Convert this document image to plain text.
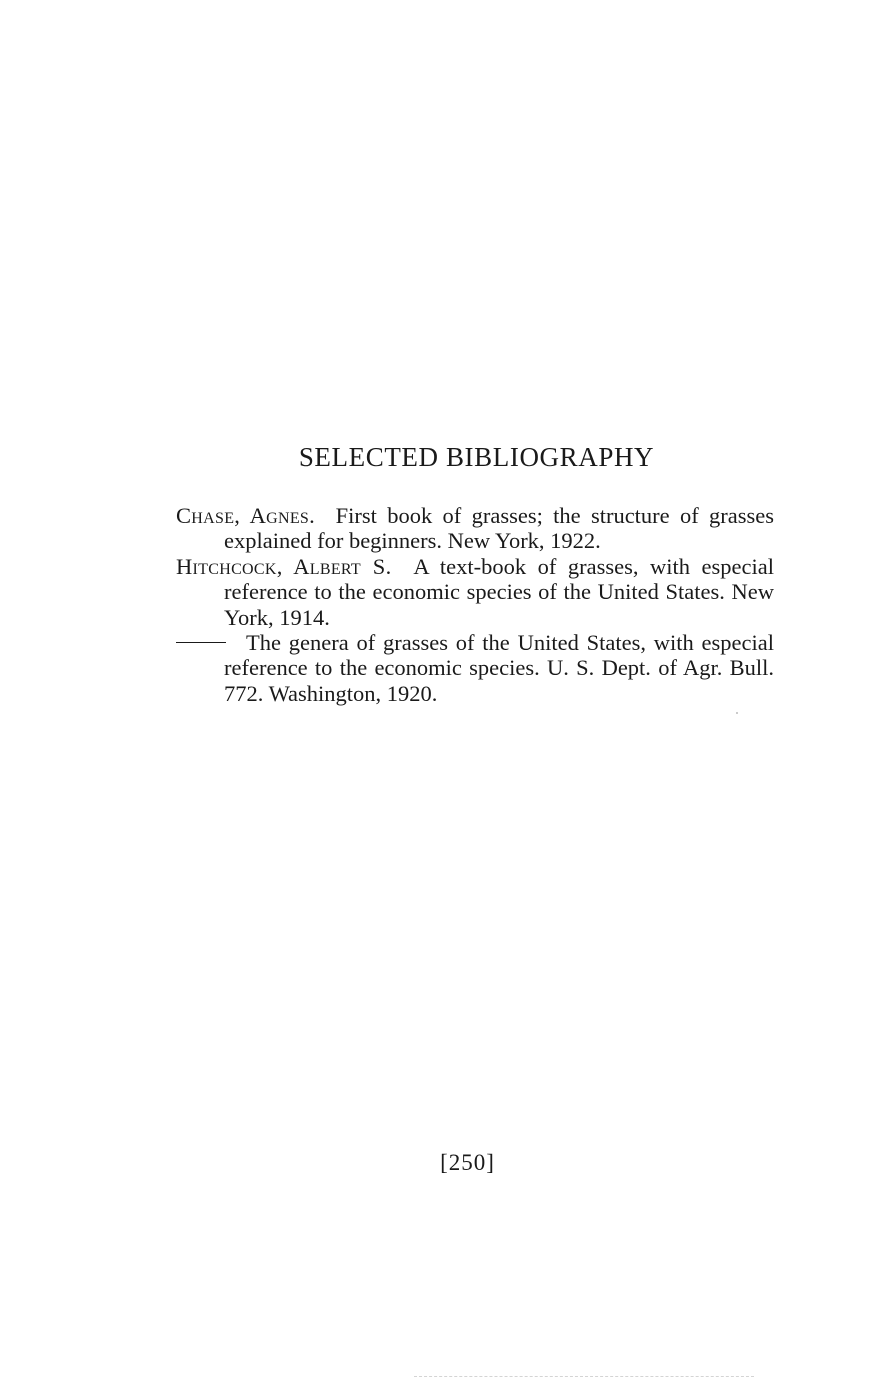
SELECTED BIBLIOGRAPHY

Chase, Agnes. First book of grasses; the structure of grasses explained for beginners. New York, 1922.

Hitchcock, Albert S. A text-book of grasses, with especial reference to the economic species of the United States. New York, 1914.

The genera of grasses of the United States, with especial reference to the economic species. U. S. Dept. of Agr. Bull. 772. Washington, 1920.

[250]
